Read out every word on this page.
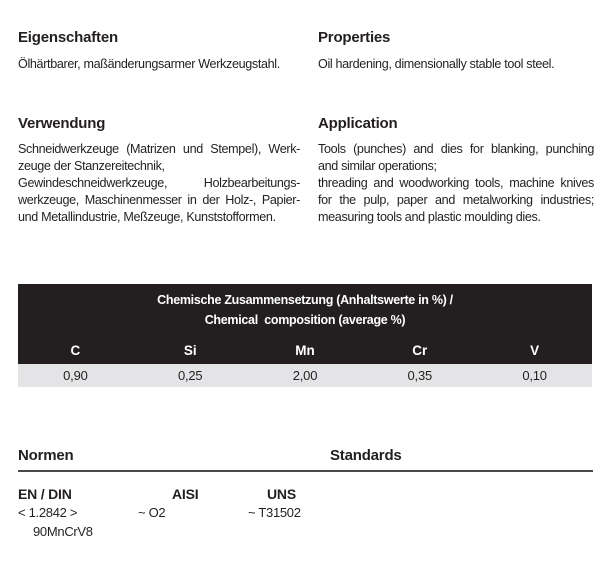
Eigenschaften	Properties
Ölhärtbarer, maßänderungsarmer Werkzeugstahl.	Oil hardening, dimensionally stable tool steel.
Verwendung	Application
Schneidwerkzeuge (Matrizen und Stempel), Werk-
zeuge der Stanzereitechnik,
Gewindeschneidwerkzeuge, Holzbearbeitungs-
werkzeuge, Maschinenmesser in der Holz-, Papier-
und Metallindustrie, Meßzeuge, Kunststofformen.
Tools (punches) and dies for blanking, punching
and similar operations;
threading and woodworking tools, machine knives
for the pulp, paper and metalworking industries;
measuring tools and plastic moulding dies.
Chemische Zusammensetzung (Anhaltswerte in %) /
Chemical  composition (average %)
C	Si	Mn	Cr	V
0,90	0,25	2,00	0,35	0,10
Normen	Standards
EN / DIN	AISI	UNS
< 1.2842 >	~ O2	~ T31502
90MnCrV8
